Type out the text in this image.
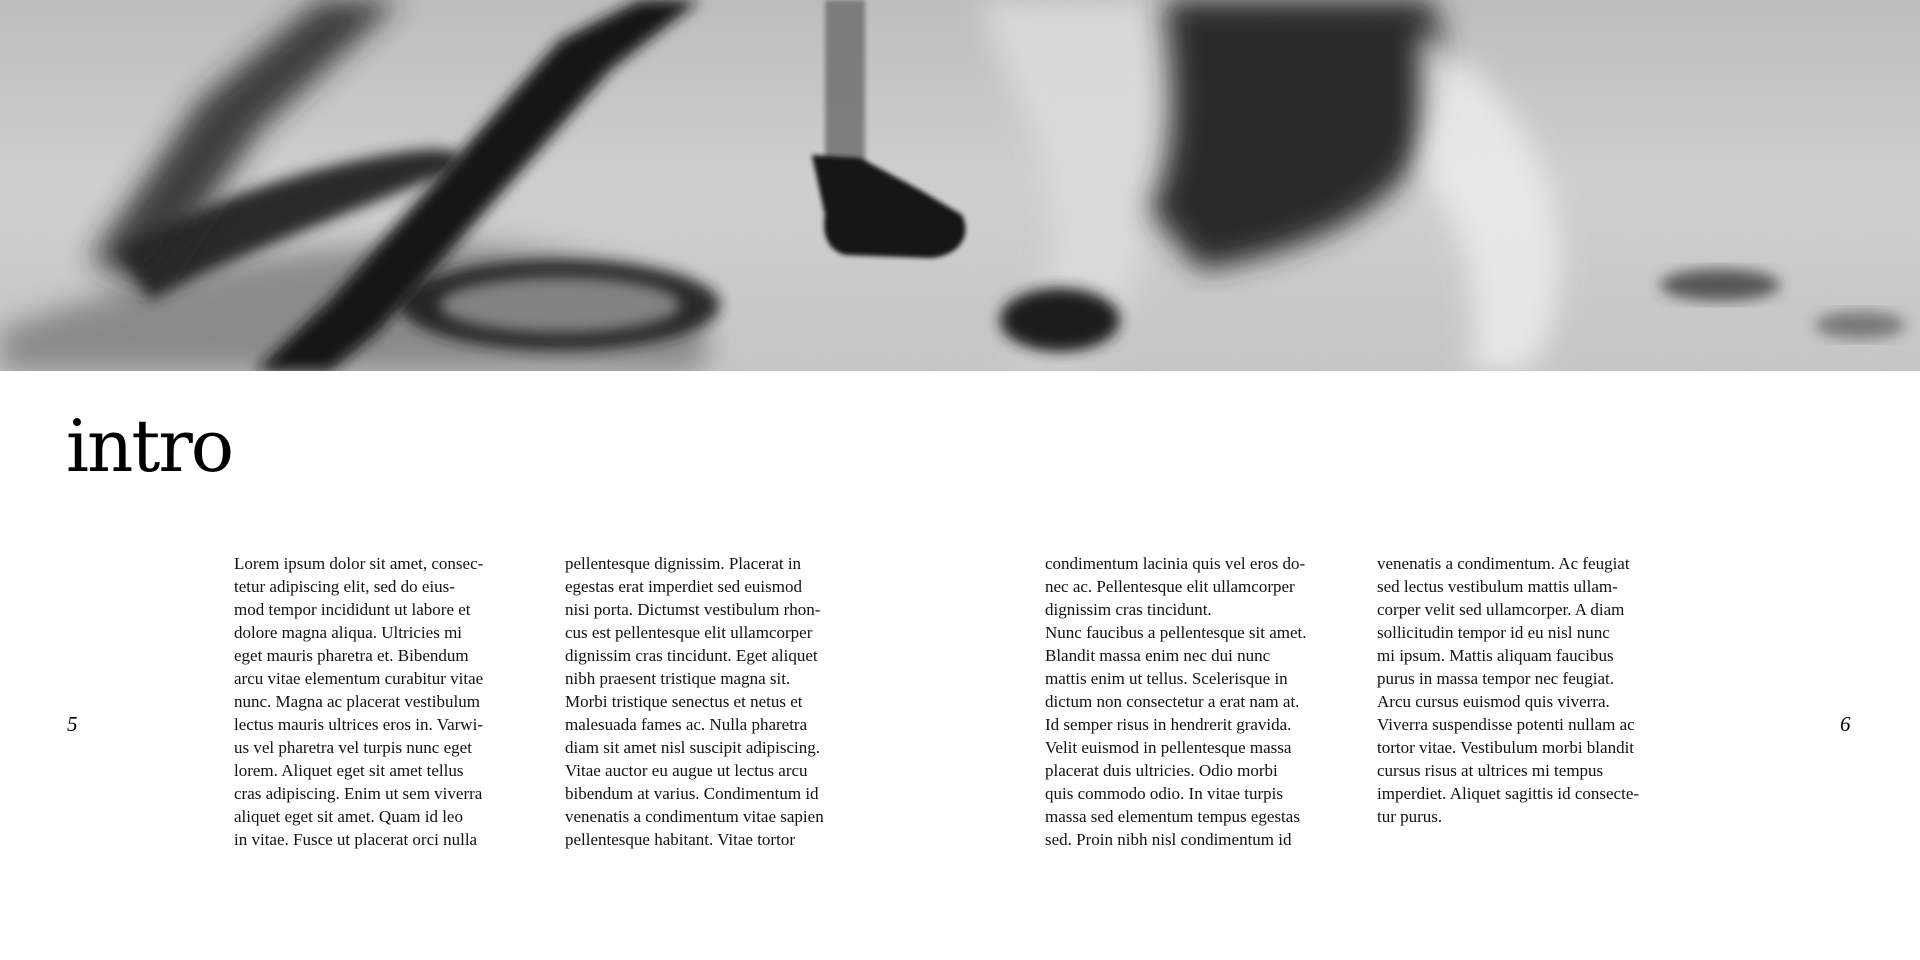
intro
5	6
Lorem ipsum dolor sit amet, consec-
tetur adipiscing elit, sed do eius-
mod tempor incididunt ut labore et
dolore magna aliqua. Ultricies mi
eget mauris pharetra et. Bibendum
arcu vitae elementum curabitur vitae
nunc. Magna ac placerat vestibulum
lectus mauris ultrices eros in. Varwi-
us vel pharetra vel turpis nunc eget
lorem. Aliquet eget sit amet tellus
cras adipiscing. Enim ut sem viverra
aliquet eget sit amet. Quam id leo
in vitae. Fusce ut placerat orci nulla
pellentesque dignissim. Placerat in
egestas erat imperdiet sed euismod
nisi porta. Dictumst vestibulum rhon-
cus est pellentesque elit ullamcorper
dignissim cras tincidunt. Eget aliquet
nibh praesent tristique magna sit.
Morbi tristique senectus et netus et
malesuada fames ac. Nulla pharetra
diam sit amet nisl suscipit adipiscing.
Vitae auctor eu augue ut lectus arcu
bibendum at varius. Condimentum id
venenatis a condimentum vitae sapien
pellentesque habitant. Vitae tortor
condimentum lacinia quis vel eros do-
nec ac. Pellentesque elit ullamcorper
dignissim cras tincidunt.
Nunc faucibus a pellentesque sit amet.
Blandit massa enim nec dui nunc
mattis enim ut tellus. Scelerisque in
dictum non consectetur a erat nam at.
Id semper risus in hendrerit gravida.
Velit euismod in pellentesque massa
placerat duis ultricies. Odio morbi
quis commodo odio. In vitae turpis
massa sed elementum tempus egestas
sed. Proin nibh nisl condimentum id
venenatis a condimentum. Ac feugiat
sed lectus vestibulum mattis ullam-
corper velit sed ullamcorper. A diam
sollicitudin tempor id eu nisl nunc
mi ipsum. Mattis aliquam faucibus
purus in massa tempor nec feugiat.
Arcu cursus euismod quis viverra.
Viverra suspendisse potenti nullam ac
tortor vitae. Vestibulum morbi blandit
cursus risus at ultrices mi tempus
imperdiet. Aliquet sagittis id consecte-
tur purus.
